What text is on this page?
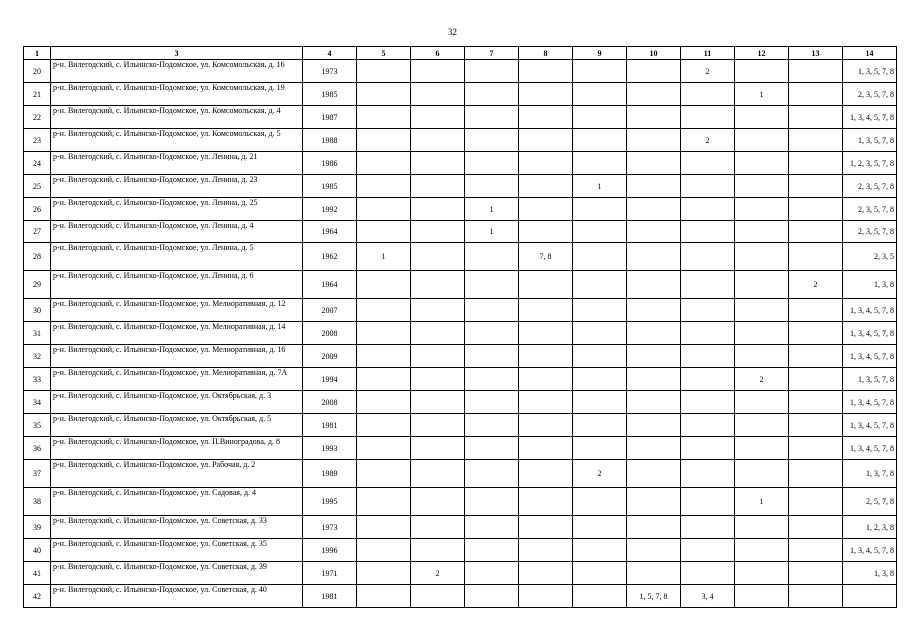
32
1	3	4	5	6	7	8	9	10	11	12	13	14
20	р-н. Вилегодский, с. Ильинско-Подомское, ул. Комсомольская, д. 16	1973							2			1, 3, 5, 7, 8
21	р-н. Вилегодский, с. Ильинско-Подомское, ул. Комсомольская, д. 19	1985								1		2, 3, 5, 7, 8
22	р-н. Вилегодский, с. Ильинско-Подомское, ул. Комсомольская, д. 4	1987										1, 3, 4, 5, 7, 8
23	р-н. Вилегодский, с. Ильинско-Подомское, ул. Комсомольская, д. 5	1988							2			1, 3, 5, 7, 8
24	р-н. Вилегодский, с. Ильинско-Подомское, ул. Ленина, д. 21	1986										1, 2, 3, 5, 7, 8
25	р-н. Вилегодский, с. Ильинско-Подомское, ул. Ленина, д. 23	1985					1					2, 3, 5, 7, 8
26	р-н. Вилегодский, с. Ильинско-Подомское, ул. Ленина, д. 25	1992			1							2, 3, 5, 7, 8
27	р-н. Вилегодский, с. Ильинско-Подомское, ул. Ленина, д. 4	1964			1							2, 3, 5, 7, 8
28	р-н. Вилегодский, с. Ильинско-Подомское, ул. Ленина, д. 5	1962	1			7, 8						2, 3, 5
29	р-н. Вилегодский, с. Ильинско-Подомское, ул. Ленина, д. 6	1964									2	1, 3, 8
30	р-н. Вилегодский, с. Ильинско-Подомское, ул. Мелиоративная, д. 12	2007										1, 3, 4, 5, 7, 8
31	р-н. Вилегодский, с. Ильинско-Подомское, ул. Мелиоративная, д. 14	2008										1, 3, 4, 5, 7, 8
32	р-н. Вилегодский, с. Ильинско-Подомское, ул. Мелиоративная, д. 16	2009										1, 3, 4, 5, 7, 8
33	р-н. Вилегодский, с. Ильинско-Подомское, ул. Мелиоративная, д. 7А	1994								2		1, 3, 5, 7, 8
34	р-н. Вилегодский, с. Ильинско-Подомское, ул. Октябрьская, д. 3	2008										1, 3, 4, 5, 7, 8
35	р-н. Вилегодский, с. Ильинско-Подомское, ул. Октябрьская, д. 5	1981										1, 3, 4, 5, 7, 8
36	р-н. Вилегодский, с. Ильинско-Подомское, ул. П.Виноградова, д. 8	1993										1, 3, 4, 5, 7, 8
37	р-н. Вилегодский, с. Ильинско-Подомское, ул. Рабочая, д. 2	1989					2					1, 3, 7, 8
38	р-н. Вилегодский, с. Ильинско-Подомское, ул. Садовая, д. 4	1995								1		2, 5, 7, 8
39	р-н. Вилегодский, с. Ильинско-Подомское, ул. Советская, д. 33	1973										1, 2, 3, 8
40	р-н. Вилегодский, с. Ильинско-Подомское, ул. Советская, д. 35	1996										1, 3, 4, 5, 7, 8
41	р-н. Вилегодский, с. Ильинско-Подомское, ул. Советская, д. 39	1971		2								1, 3, 8
42	р-н. Вилегодский, с. Ильинско-Подомское, ул. Советская, д. 40	1981						1, 5, 7, 8	3, 4			
